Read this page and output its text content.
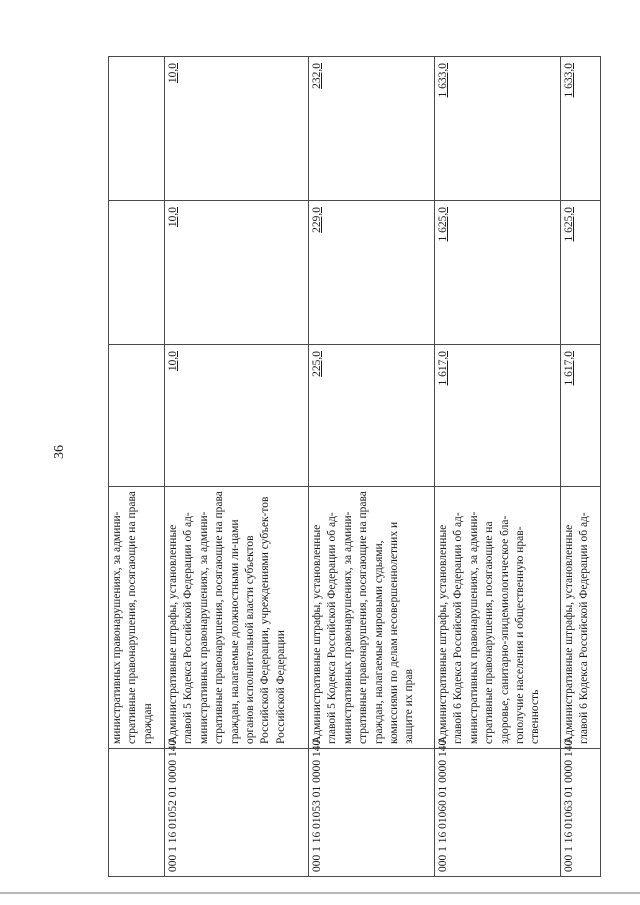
36
	министративных правонарушениях, за админи-стративные правонарушения, посягающие на права граждан			
000 1 16 01052 01 0000 140	Административные штрафы, установленные главой 5 Кодекса Российской Федерации об ад-министративных правонарушениях, за админи-стративные правонарушения, посягающие на права граждан, налагаемые должностными ли-цами органов исполнительной власти субъектов Российской Федерации, учреждениями субъек-тов Российской Федерации	10,0	10,0	10,0
000 1 16 01053 01 0000 140	Административные штрафы, установленные главой 5 Кодекса Российской Федерации об ад-министративных правонарушениях, за админи-стративные правонарушения, посягающие на права граждан, налагаемые мировыми судьями, комиссиями по делам несовершеннолетних и защите их прав	225,0	229,0	232,0
000 1 16 01060 01 0000 140	Административные штрафы, установленные главой 6 Кодекса Российской Федерации об ад-министративных правонарушениях, за админи-стративные правонарушения, посягающие на здоровье, санитарно-эпидемиологическое бла-гополучие населения и общественную нрав-ственность	1 617,0	1 625,0	1 633,0
000 1 16 01063 01 0000 140	Административные штрафы, установленные главой 6 Кодекса Российской Федерации об ад-	1 617,0	1 625,0	1 633,0
